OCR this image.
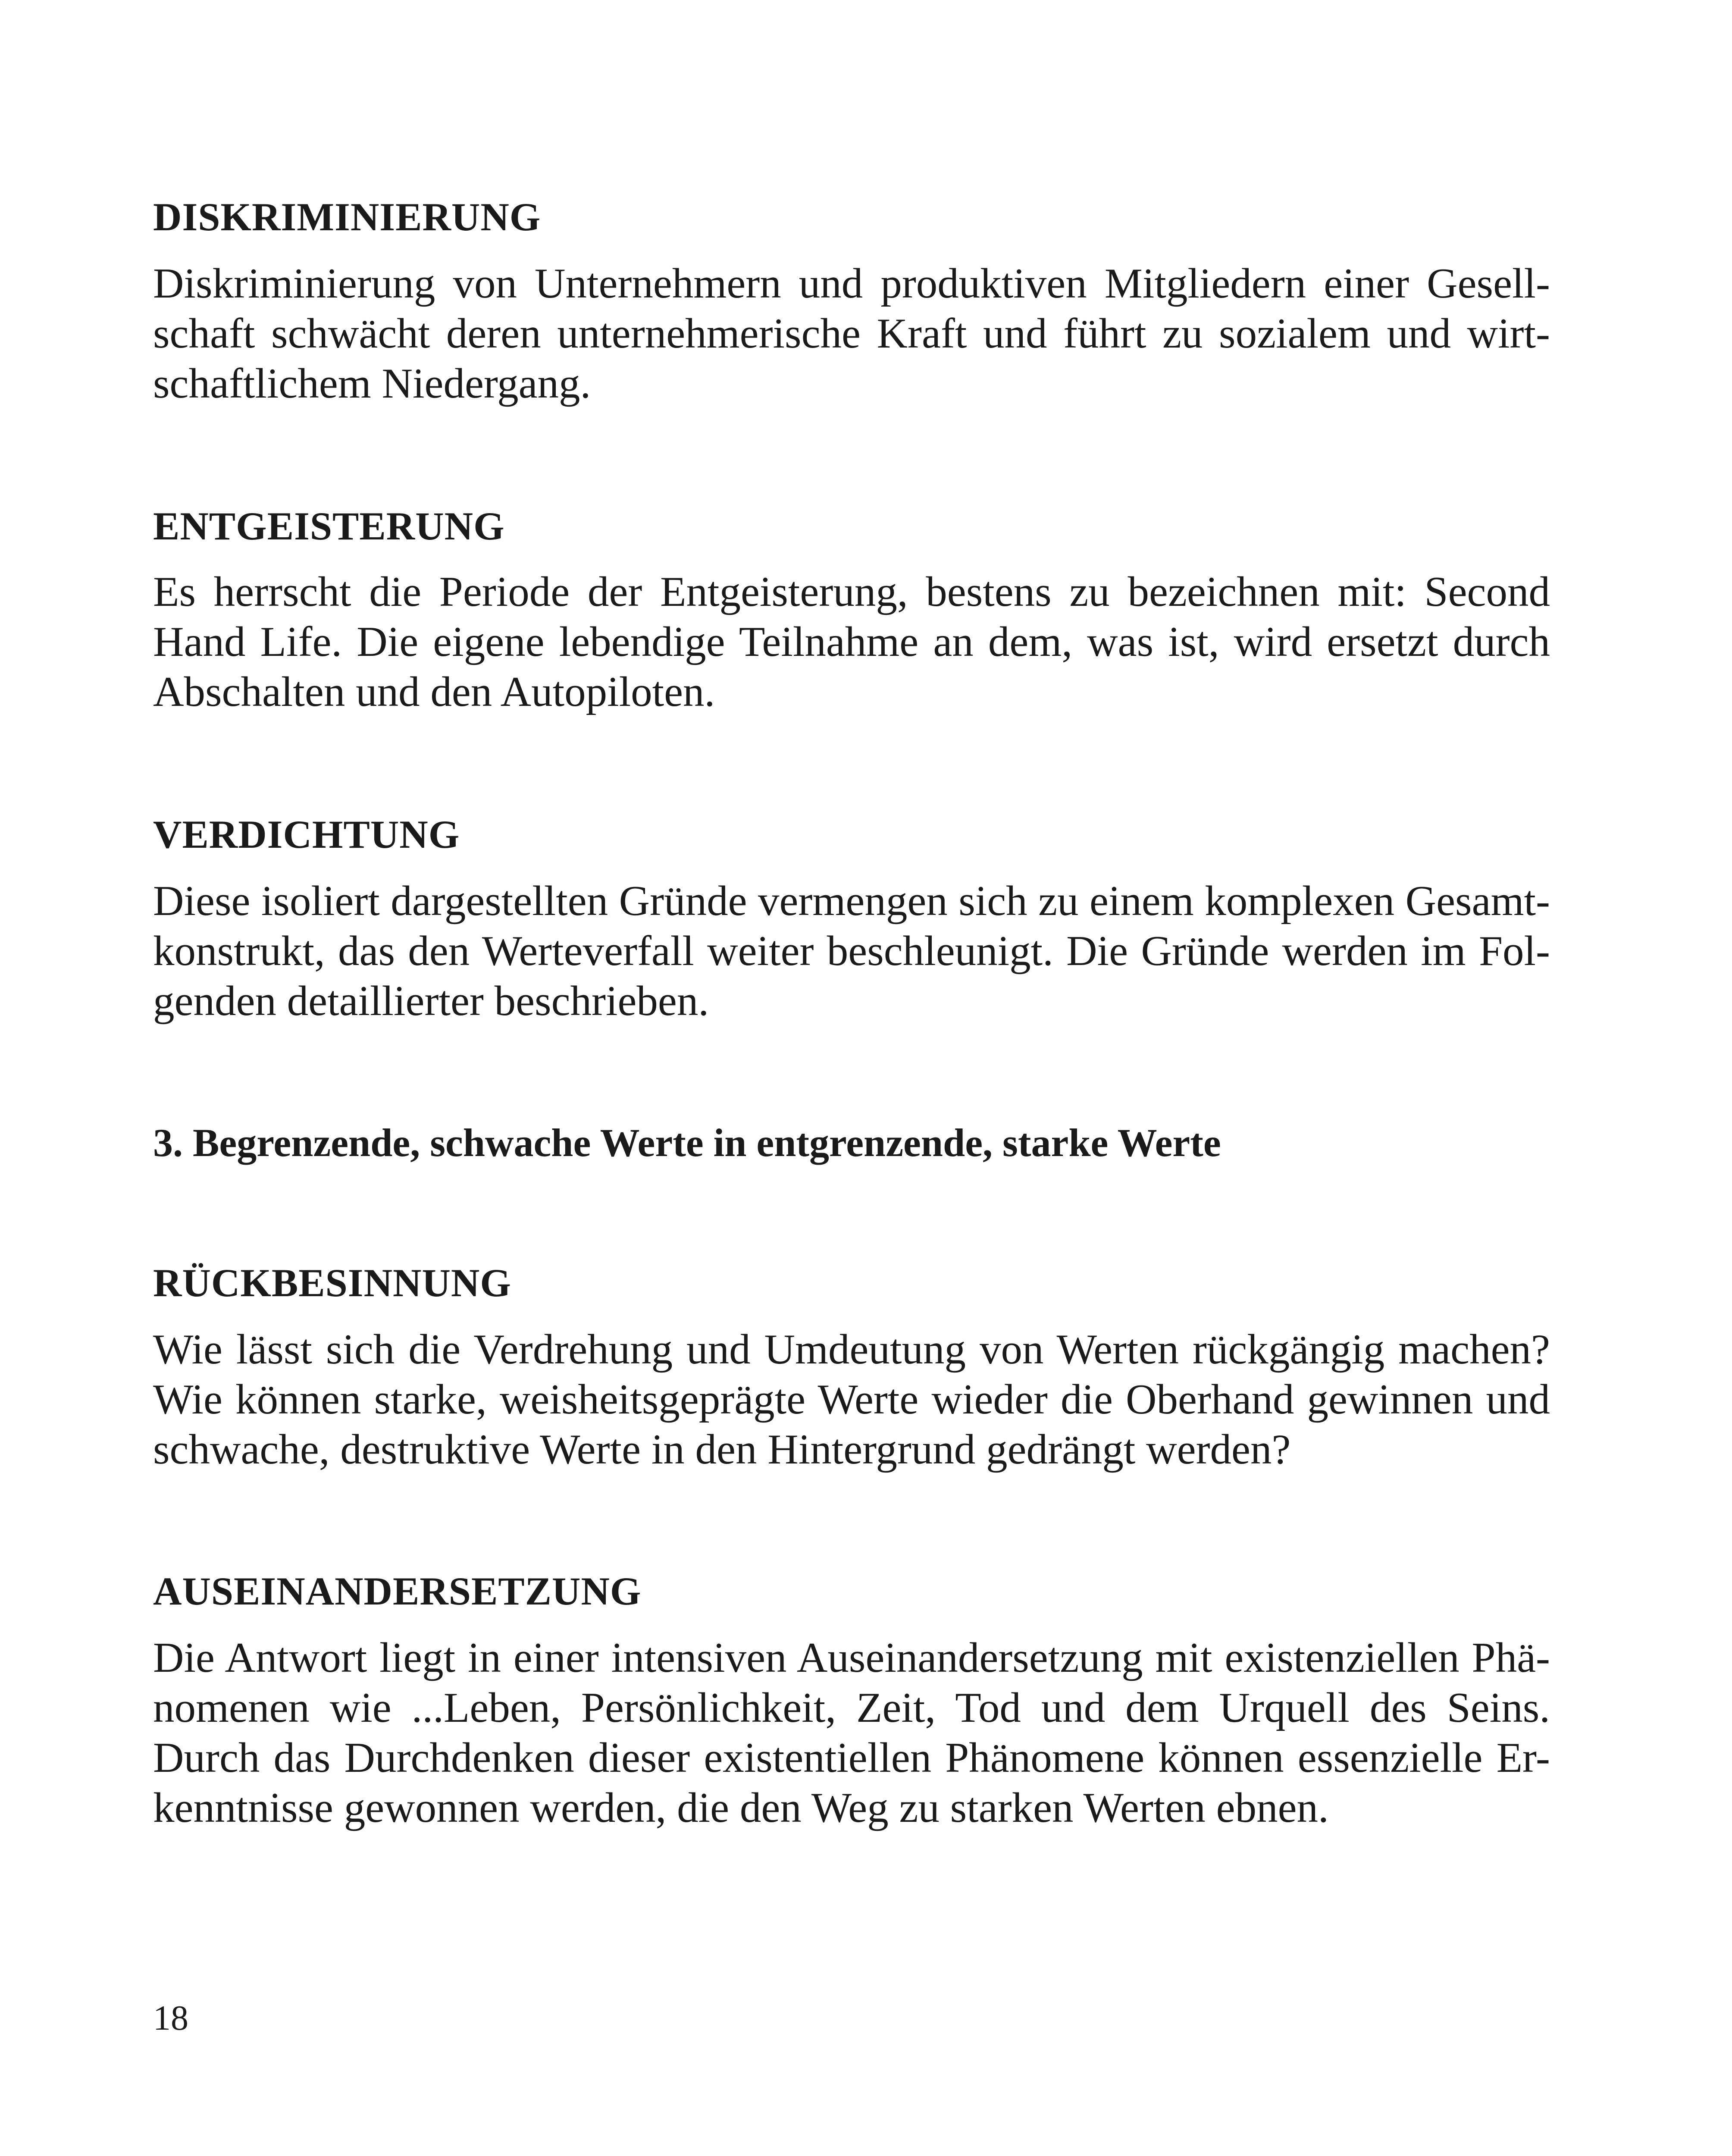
DISKRIMINIERUNG
Diskriminierung von Unternehmern und produktiven Mitgliedern einer Gesell-
schaft schwächt deren unternehmerische Kraft und führt zu sozialem und wirt-
schaftlichem Niedergang.
ENTGEISTERUNG
Es herrscht die Periode der Entgeisterung, bestens zu bezeichnen mit: Second
Hand Life. Die eigene lebendige Teilnahme an dem, was ist, wird ersetzt durch
Abschalten und den Autopiloten.
VERDICHTUNG
Diese isoliert dargestellten Gründe vermengen sich zu einem komplexen Gesamt-
konstrukt, das den Werteverfall weiter beschleunigt. Die Gründe werden im Fol-
genden detaillierter beschrieben.
3. Begrenzende, schwache Werte in entgrenzende, starke Werte
RÜCKBESINNUNG
Wie lässt sich die Verdrehung und Umdeutung von Werten rückgängig machen?
Wie können starke, weisheitsgeprägte Werte wieder die Oberhand gewinnen und
schwache, destruktive Werte in den Hintergrund gedrängt werden?
AUSEINANDERSETZUNG
Die Antwort liegt in einer intensiven Auseinandersetzung mit existenziellen Phä-
nomenen wie ...Leben, Persönlichkeit, Zeit, Tod und dem Urquell des Seins.
Durch das Durchdenken dieser existentiellen Phänomene können essenzielle Er-
kenntnisse gewonnen werden, die den Weg zu starken Werten ebnen.
18
